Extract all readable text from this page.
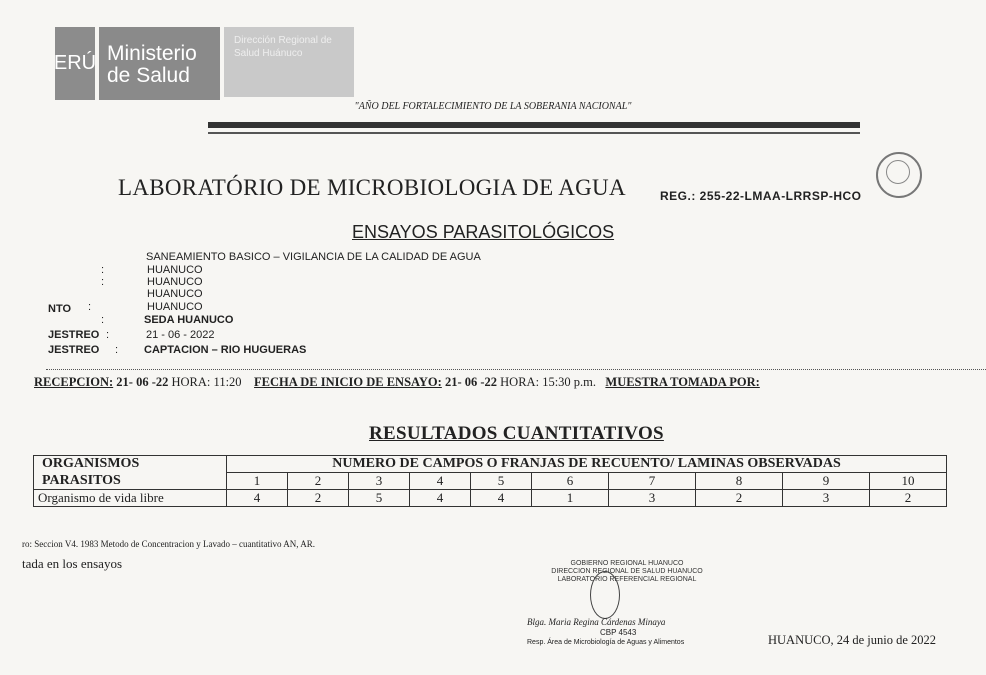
ERÚ Ministerio de Salud
Dirección Regional de Salud Huánuco
"AÑO DEL FORTALECIMIENTO DE LA SOBERANIA NACIONAL"
LABORATÓRIO DE MICROBIOLOGIA DE AGUA	REG.: 255-22-LMAA-LRRSP-HCO
ENSAYOS PARASITOLÓGICOS
SANEAMIENTO BASICO – VIGILANCIA DE LA CALIDAD DE AGUA
:	HUANUCO
:	HUANUCO
NTO :
HUANUCO
HUANUCO
:	SEDA HUANUCO
JESTREO :	21 - 06 - 2022
JESTREO : CAPTACION – RIO HUGUERAS
RECEPCION: 21- 06 -22 HORA: 11:20 FECHA DE INICIO DE ENSAYO: 21- 06 -22 HORA: 15:30 p.m. MUESTRA TOMADA POR:
RESULTADOS CUANTITATIVOS
ORGANISMOS	NUMERO DE CAMPOS O FRANJAS DE RECUENTO/ LAMINAS OBSERVADAS									
PARASITOS	1	2	3	4	5	6	7	8	9	10
Organismo de vida libre	4	2	5	4	4	1	3	2	3	2
ro: Seccion V4. 1983 Metodo de Concentracion y Lavado – cuantitativo AN, AR.
tada en los ensayos	GOBIERNO REGIONAL HUANUCO
DIRECCION REGIONAL DE SALUD HUANUCO
LABORATORIO REFERENCIAL REGIONAL
Blga. Maria Regina Cárdenas Minaya
CBP 4543
Resp. Área de Microbiología de Aguas y Alimentos	HUANUCO, 24 de junio de 2022
